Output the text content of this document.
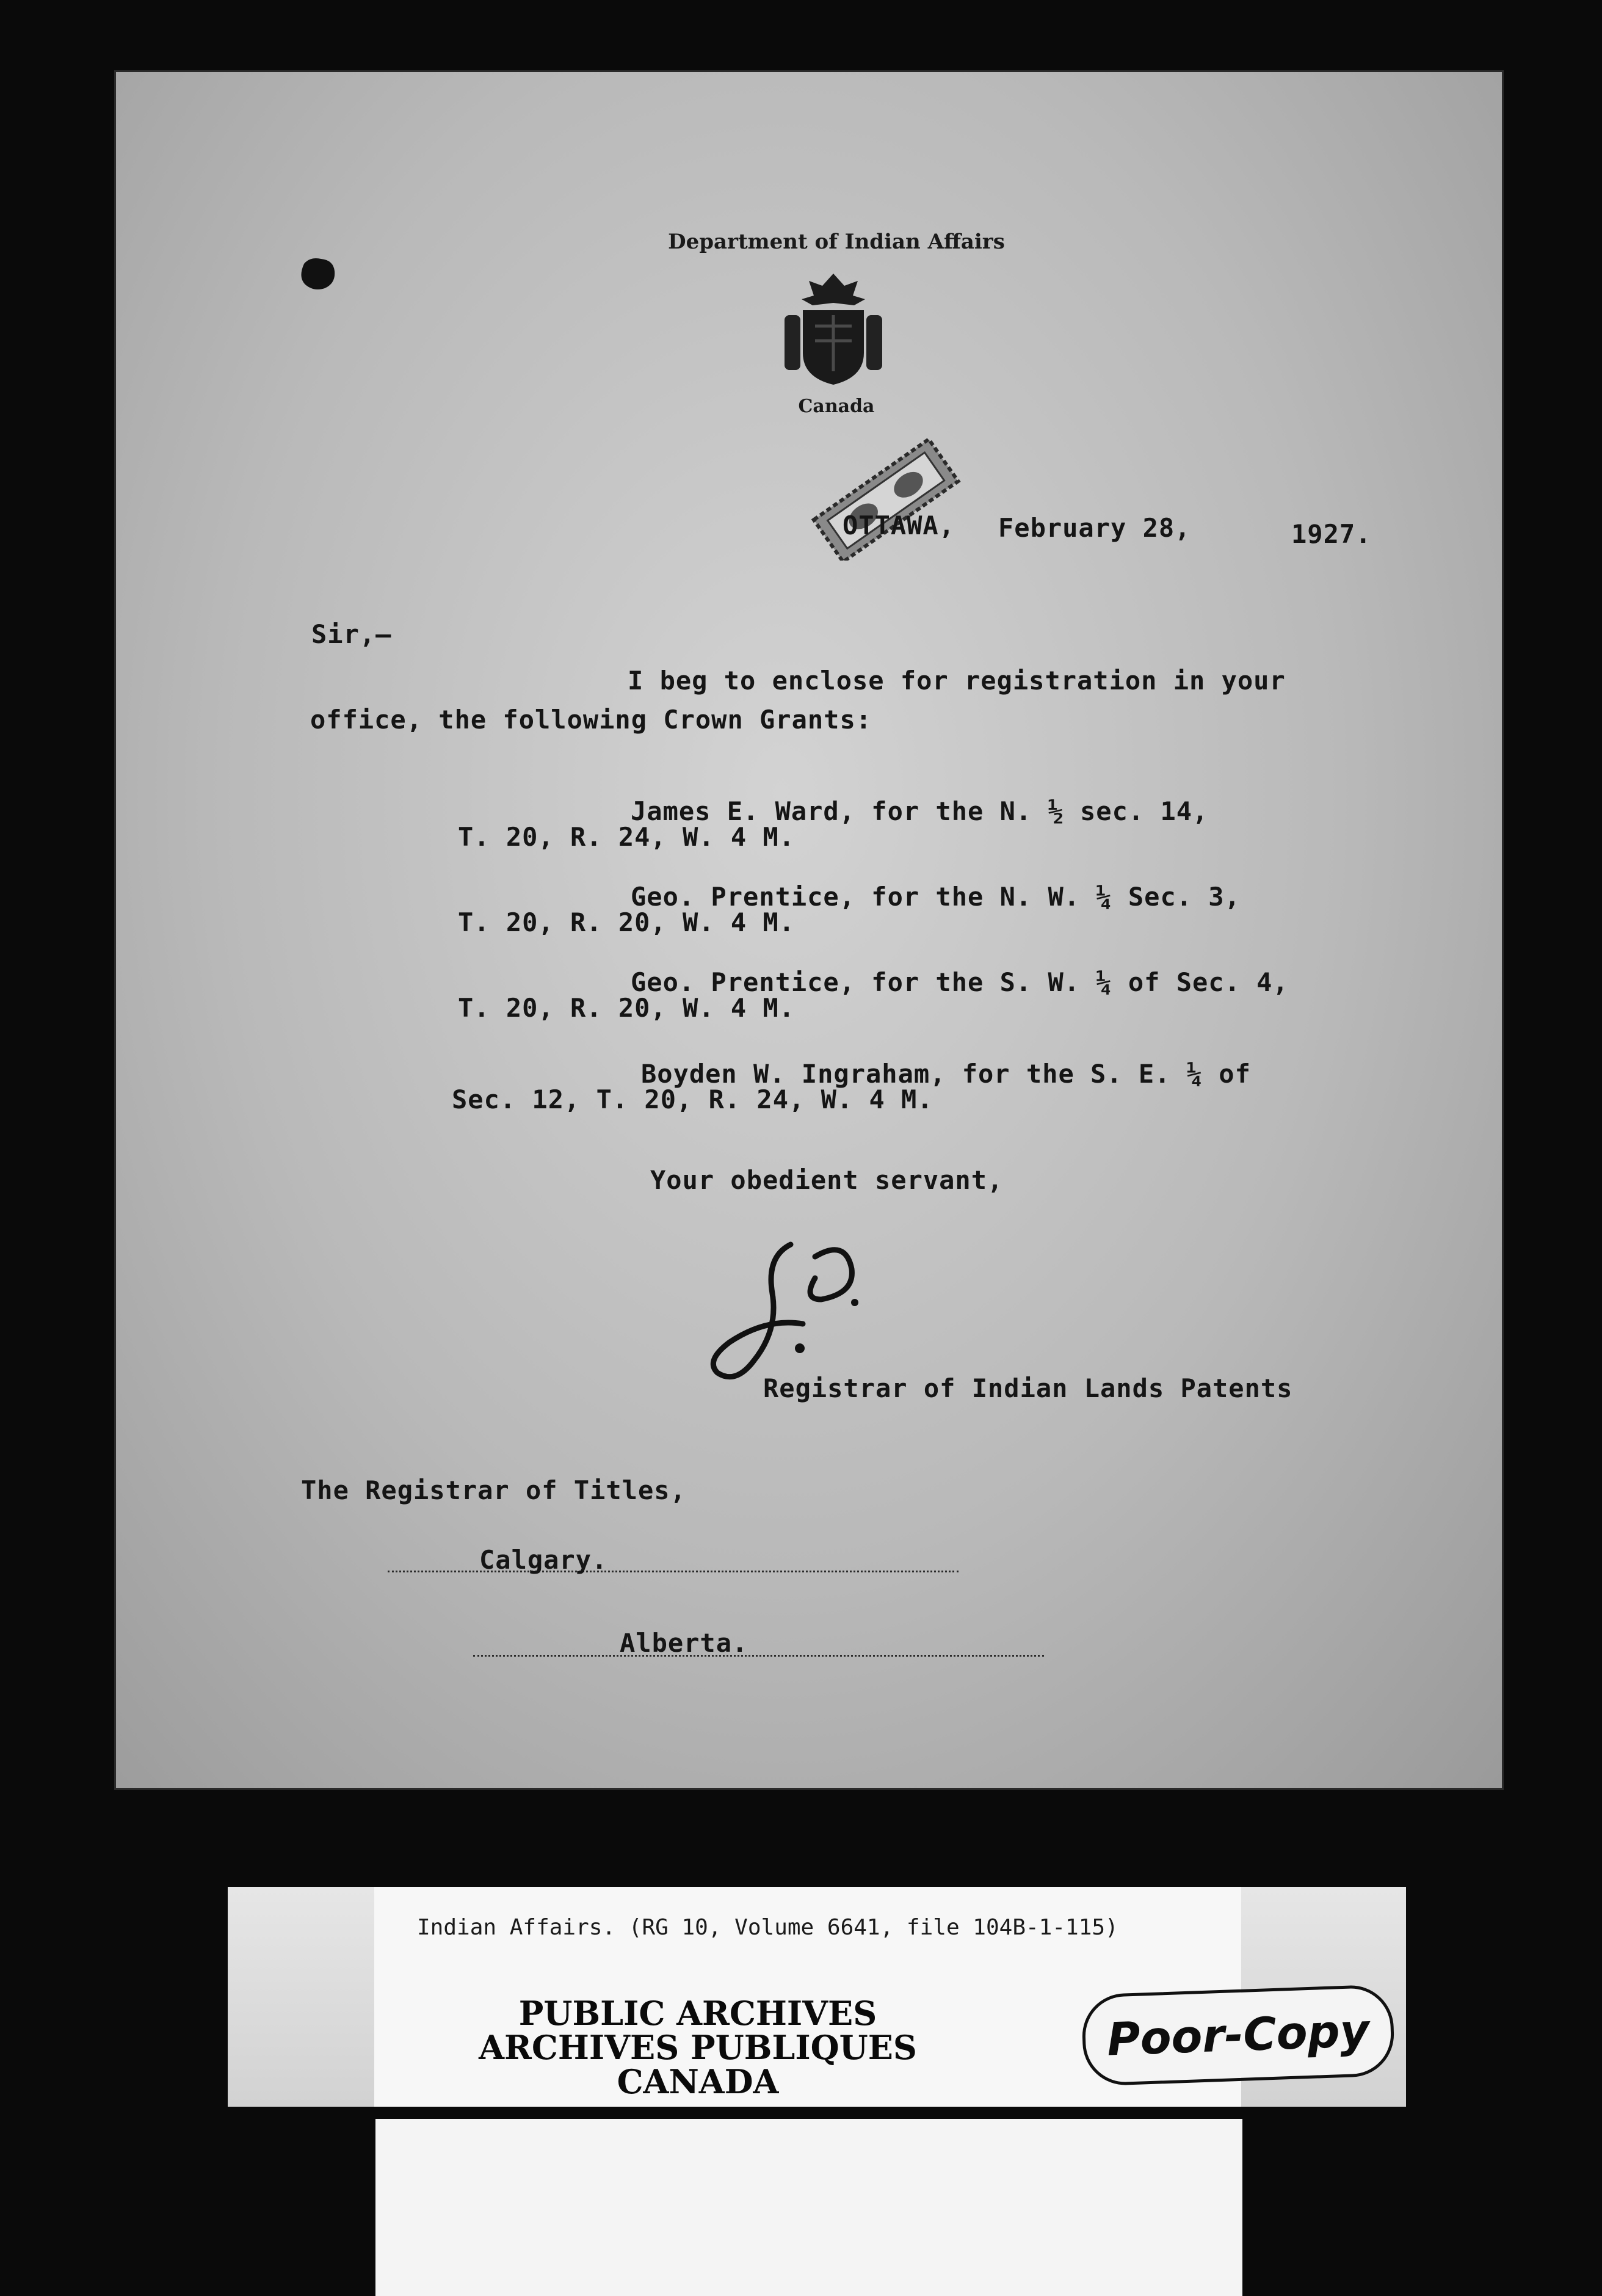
Department of Indian Affairs
Canada
OTTAWA, February 28,	1927.
Sir,—
I beg to enclose for registration in your
office, the following Crown Grants:
James E. Ward, for the N. ½ sec. 14,
T. 20, R. 24, W. 4 M.
Geo. Prentice, for the N. W. ¼ Sec. 3,
T. 20, R. 20, W. 4 M.
Geo. Prentice, for the S. W. ¼ of Sec. 4,
T. 20, R. 20, W. 4 M.
Boyden W. Ingraham, for the S. E. ¼ of
Sec. 12, T. 20, R. 24, W. 4 M.
Your obedient servant,
Registrar of Indian Lands Patents
The Registrar of Titles,
Calgary.
Alberta.
Indian Affairs. (RG 10, Volume 6641, file 104B-1-115)
PUBLIC ARCHIVES
ARCHIVES PUBLIQUES
CANADA
Poor-Copy
